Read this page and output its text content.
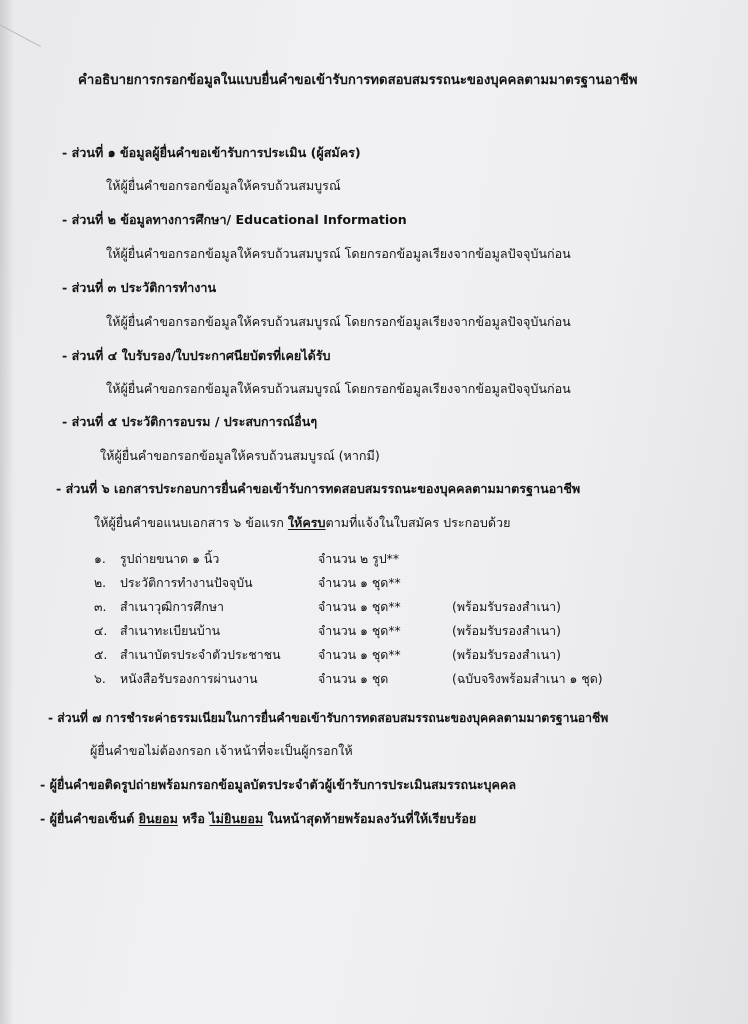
คำอธิบายการกรอกข้อมูลในแบบยื่นคำขอเข้ารับการทดสอบสมรรถนะของบุคคลตามมาตรฐานอาชีพ
- ส่วนที่ ๑ ข้อมูลผู้ยื่นคำขอเข้ารับการประเมิน (ผู้สมัคร)
ให้ผู้ยื่นคำขอกรอกข้อมูลให้ครบถ้วนสมบูรณ์
- ส่วนที่ ๒ ข้อมูลทางการศึกษา/ Educational Information
ให้ผู้ยื่นคำขอกรอกข้อมูลให้ครบถ้วนสมบูรณ์ โดยกรอกข้อมูลเรียงจากข้อมูลปัจจุบันก่อน
- ส่วนที่ ๓ ประวัติการทำงาน
ให้ผู้ยื่นคำขอกรอกข้อมูลให้ครบถ้วนสมบูรณ์ โดยกรอกข้อมูลเรียงจากข้อมูลปัจจุบันก่อน
- ส่วนที่ ๔ ใบรับรอง/ใบประกาศนียบัตรที่เคยได้รับ
ให้ผู้ยื่นคำขอกรอกข้อมูลให้ครบถ้วนสมบูรณ์ โดยกรอกข้อมูลเรียงจากข้อมูลปัจจุบันก่อน
- ส่วนที่ ๕ ประวัติการอบรม / ประสบการณ์อื่นๆ
ให้ผู้ยื่นคำขอกรอกข้อมูลให้ครบถ้วนสมบูรณ์ (หากมี)
- ส่วนที่ ๖ เอกสารประกอบการยื่นคำขอเข้ารับการทดสอบสมรรถนะของบุคคลตามมาตรฐานอาชีพ
ให้ผู้ยื่นคำขอแนบเอกสาร ๖ ข้อแรก ให้ครบตามที่แจ้งในใบสมัคร ประกอบด้วย
๑. รูปถ่ายขนาด ๑ นิ้ว	จำนวน ๒ รูป**
๒. ประวัติการทำงานปัจจุบัน	จำนวน ๑ ชุด**
๓. สำเนาวุฒิการศึกษา	จำนวน ๑ ชุด**	(พร้อมรับรองสำเนา)
๔. สำเนาทะเบียนบ้าน	จำนวน ๑ ชุด**	(พร้อมรับรองสำเนา)
๕. สำเนาบัตรประจำตัวประชาชน	จำนวน ๑ ชุด**	(พร้อมรับรองสำเนา)
๖. หนังสือรับรองการผ่านงาน	จำนวน ๑ ชุด	(ฉบับจริงพร้อมสำเนา ๑ ชุด)
- ส่วนที่ ๗ การชำระค่าธรรมเนียมในการยื่นคำขอเข้ารับการทดสอบสมรรถนะของบุคคลตามมาตรฐานอาชีพ
ผู้ยื่นคำขอไม่ต้องกรอก เจ้าหน้าที่จะเป็นผู้กรอกให้
- ผู้ยื่นคำขอติดรูปถ่ายพร้อมกรอกข้อมูลบัตรประจำตัวผู้เข้ารับการประเมินสมรรถนะบุคคล
- ผู้ยื่นคำขอเซ็นต์ ยินยอม หรือ ไม่ยินยอม ในหน้าสุดท้ายพร้อมลงวันที่ให้เรียบร้อย
